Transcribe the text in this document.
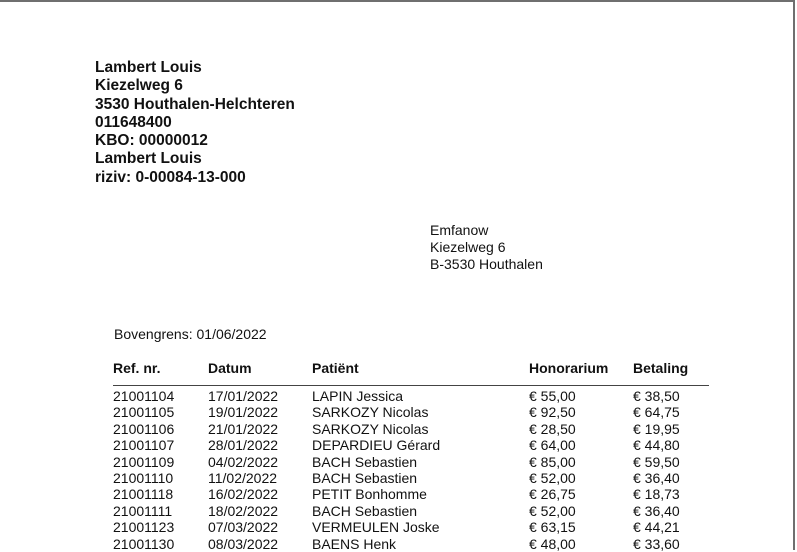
Lambert Louis
Kiezelweg 6
3530 Houthalen-Helchteren
011648400
KBO: 00000012
Lambert Louis
riziv: 0-00084-13-000
Emfanow
Kiezelweg 6
B-3530 Houthalen
Bovengrens: 01/06/2022
Ref. nr.	Datum	Patiënt	Honorarium	Betaling
21001104	17/01/2022	LAPIN Jessica	€ 55,00	€ 38,50
21001105	19/01/2022	SARKOZY Nicolas	€ 92,50	€ 64,75
21001106	21/01/2022	SARKOZY Nicolas	€ 28,50	€ 19,95
21001107	28/01/2022	DEPARDIEU Gérard	€ 64,00	€ 44,80
21001109	04/02/2022	BACH Sebastien	€ 85,00	€ 59,50
21001110	11/02/2022	BACH Sebastien	€ 52,00	€ 36,40
21001118	16/02/2022	PETIT Bonhomme	€ 26,75	€ 18,73
21001111	18/02/2022	BACH Sebastien	€ 52,00	€ 36,40
21001123	07/03/2022	VERMEULEN Joske	€ 63,15	€ 44,21
21001130	08/03/2022	BAENS Henk	€ 48,00	€ 33,60
